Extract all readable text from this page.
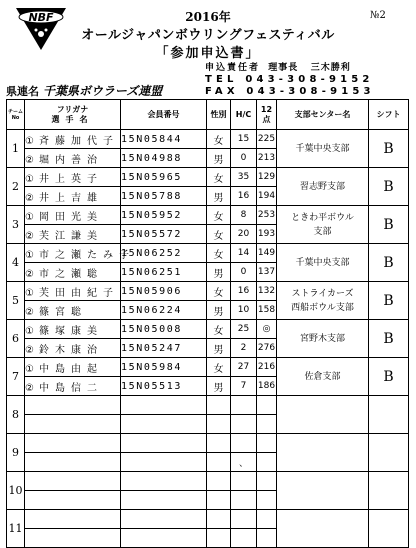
NBF	2016年	№2
オールジャパンボウリングフェスティバル
「参加申込書」
申込責任者 理事長 三木勝利
TEL 043-308-9152
FAX 043-308-9153
県連名 千葉県ボウラーズ連盟
チーム
No	フリガナ
選手名	会員番号	性別	H/C	12
点	支部センター名	シフト
1	① 斉藤加代子	15N05844	女	15	225	千葉中央支部	B
	② 堀内善治	15N04988	男	0	213		
2	① 井上英子	15N05965	女	35	129	習志野支部	B
	② 井上吉雄	15N05788	男	16	194		
3	① 岡田光美	15N05952	女	8	253	ときわ平ボウル
支部	B
	② 芙江謙美	15N05572	女	20	193		
4	① 市之瀬たみ子	15N06252	女	14	149	千葉中央支部	B
	② 市之瀬聡	15N06251	男	0	137		
5	① 芙田由紀子	15N05906	女	16	132	ストライカーズ
西船ボウル支部	B
	② 篠宮聡	15N06224	男	10	158		
6	① 篠塚康美	15N05008	女	25	◎	宮野木支部	B
	② 鈴木康治	15N05247	男	2	276		
7	① 中島由起	15N05984	女	27	216	佐倉支部	B
	② 中島信二	15N05513	男	7	186		
8							

9							
				、			
10							

11							
